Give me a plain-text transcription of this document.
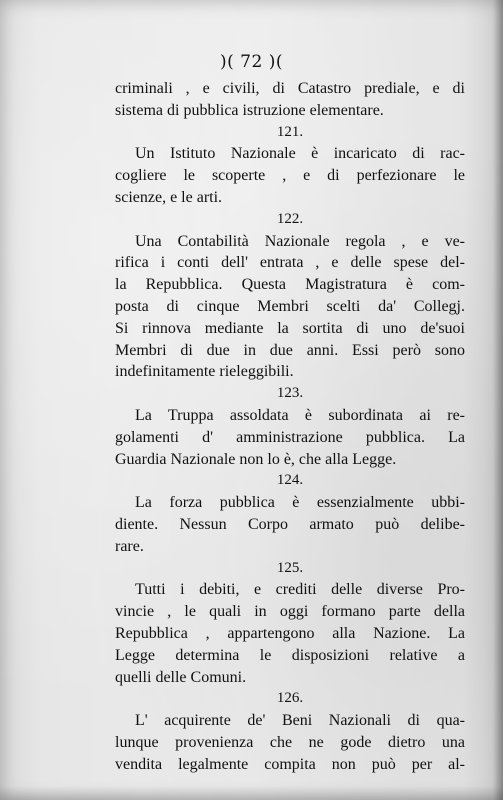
)( 72 )(
criminali , e civili, di Catastro prediale, e di
sistema di pubblica istruzione elementare.
121.
Un Istituto Nazionale è incaricato di rac-
cogliere le scoperte , e di perfezionare le
scienze, e le arti.
122.
Una Contabilità Nazionale regola , e ve-
rifica i conti dell' entrata , e delle spese del-
la Repubblica. Questa Magistratura è com-
posta di cinque Membri scelti da' Collegj.
Si rinnova mediante la sortita di uno de'suoi
Membri di due in due anni. Essi però sono
indefinitamente rieleggibili.
123.
La Truppa assoldata è subordinata ai re-
golamenti d' amministrazione pubblica. La
Guardia Nazionale non lo è, che alla Legge.
124.
La forza pubblica è essenzialmente ubbi-
diente. Nessun Corpo armato può delibe-
rare.
125.
Tutti i debiti, e crediti delle diverse Pro-
vincie , le quali in oggi formano parte della
Repubblica , appartengono alla Nazione. La
Legge determina le disposizioni relative a
quelli delle Comuni.
126.
L' acquirente de' Beni Nazionali di qua-
lunque provenienza che ne gode dietro una
vendita legalmente compita non può per al-
